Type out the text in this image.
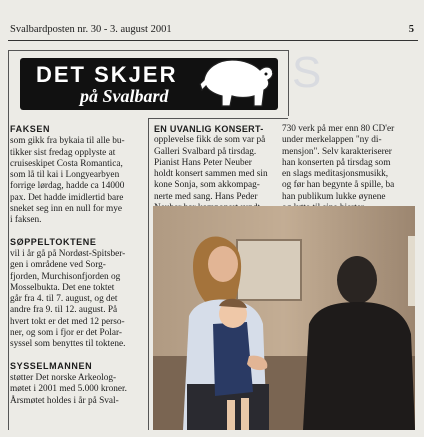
Svalbardposten nr. 30 - 3. august 2001	5
S
DET SKJER
på Svalbard
FAKSEN

som gikk fra bykaia til alle bu-
tikker sist fredag opplyste at
cruiseskipet Costa Romantica,
som lå til kai i Longyearbyen
forrige lørdag, hadde ca 14000
pax. Det hadde imidlertid bare
sneket seg inn en null for mye
i faksen.

SØPPELTOKTENE

vil i år gå på Nordøst-Spitsber-
gen i områdene ved Sorg-
fjorden, Murchisonfjorden og
Mosselbukta. Det ene toktet
går fra 4. til 7. august, og det
andre fra 9. til 12. august. På
hvert tokt er det med 12 perso-
ner, og som i fjor er det Polar-
syssel som benyttes til toktene.

SYSSELMANNEN

støtter Det norske Arkeolog-
møtet i 2001 med 5.000 kroner.
Årsmøtet holdes i år på Sval-

EN UVANLIG KONSERT-

opplevelse fikk de som var på
Galleri Svalbard på tirsdag.
Pianist Hans Peter Neuber
holdt konsert sammen med sin
kone Sonja, som akkompag-
nerte med sang. Hans Peder

730 verk på mer enn 80 CD'er
under merkelappen "ny di-
mensjon". Selv karakteriserer
han konserten på tirsdag som
en slags meditasjonsmusikk,
og før han begynte å spille, ba
han publikum lukke øynene
